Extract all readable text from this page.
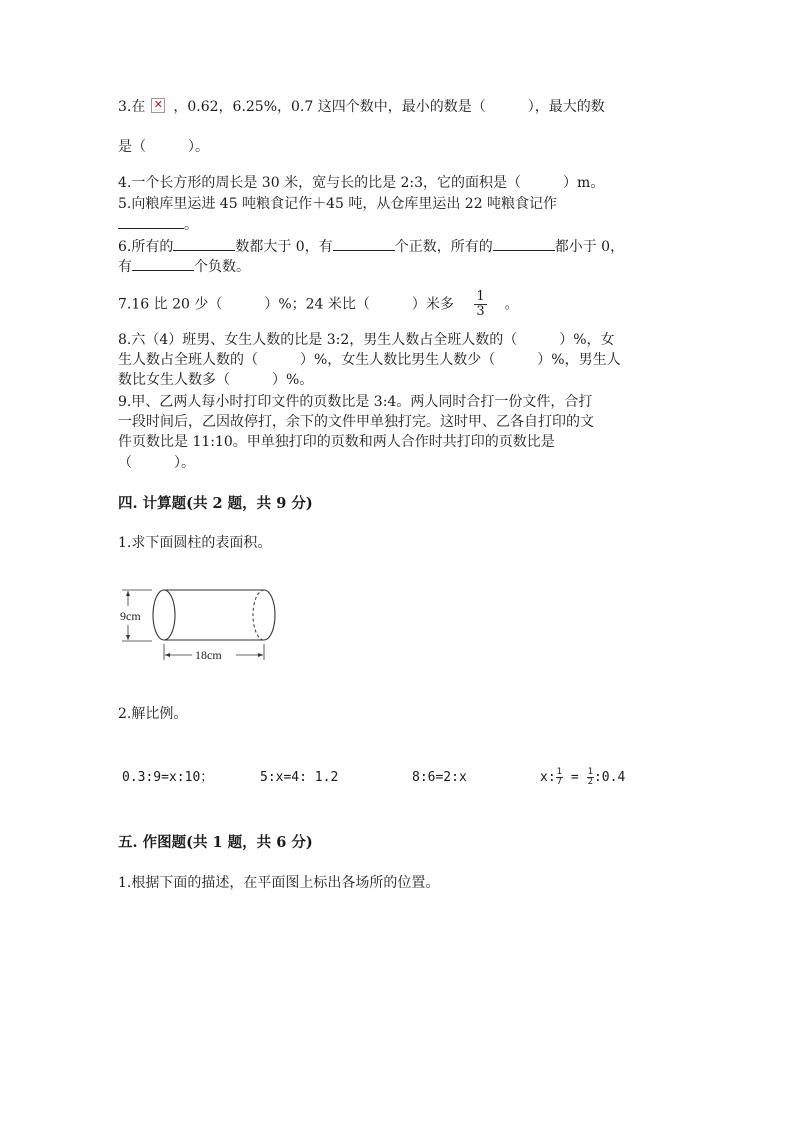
3.在 ✕ ，0.62，6.25%，0.7 这四个数中，最小的数是（　　　），最大的数
是（　　　）。
4.一个长方形的周长是 30 米，宽与长的比是 2:3，它的面积是（　　　）m。
5.向粮库里运进 45 吨粮食记作＋45 吨，从仓库里运出 22 吨粮食记作
。
6.所有的	数都大于 0，有	个正数，所有的	都小于 0，
有	个负数。
7.16 比 20 少（　　　）%；24 米比（　　　）米多 $\frac{1}{3}$ 。
8.六（4）班男、女生人数的比是 3:2，男生人数占全班人数的（　　　）%，女
生人数占全班人数的（　　　）%，女生人数比男生人数少（　　　）%，男生人
数比女生人数多（　　　）%。
9.甲、乙两人每小时打印文件的页数比是 3:4。两人同时合打一份文件，合打
一段时间后，乙因故停打，余下的文件甲单独打完。这时甲、乙各自打印的文
件页数比是 11:10。甲单独打印的页数和两人合作时共打印的页数比是
（　　　）。
四. 计算题(共 2 题，共 9 分)
1.求下面圆柱的表面积。
9cm
18cm
2.解比例。
0.3:9=x:10；	5:x=4: 1.2	8:6=2:x	x: $\frac{1}{7} = \frac{1}{2}$ :0.4
五. 作图题(共 1 题，共 6 分)
1.根据下面的描述，在平面图上标出各场所的位置。
